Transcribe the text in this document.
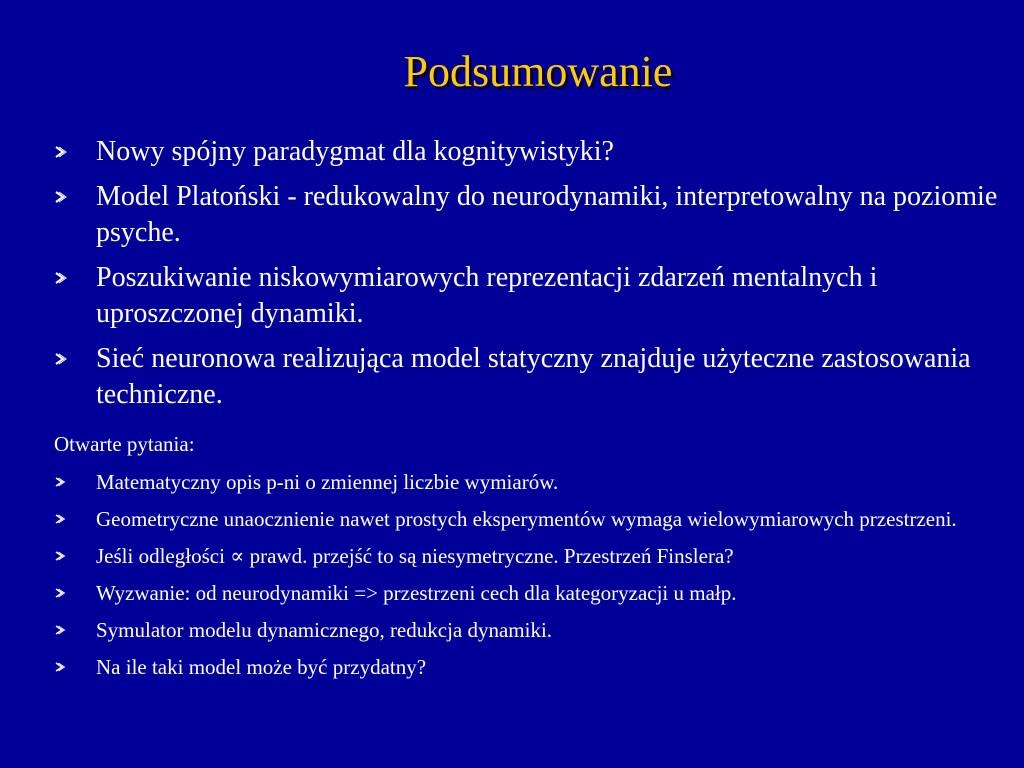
Podsumowanie
Nowy spójny paradygmat dla kognitywistyki?
Model Platoński - redukowalny do neurodynamiki, interpretowalny na poziomie psyche.
Poszukiwanie niskowymiarowych reprezentacji zdarzeń mentalnych i uproszczonej dynamiki.
Sieć neuronowa realizująca model statyczny znajduje użyteczne zastosowania techniczne.
Otwarte pytania:
Matematyczny opis p-ni o zmiennej liczbie wymiarów.
Geometryczne unaocznienie nawet prostych eksperymentów wymaga wielowymiarowych przestrzeni.
Jeśli odległości ∝ prawd. przejść to są niesymetryczne. Przestrzeń Finslera?
Wyzwanie: od neurodynamiki => przestrzeni cech dla kategoryzacji u małp.
Symulator modelu dynamicznego, redukcja dynamiki.
Na ile taki model może być przydatny?
